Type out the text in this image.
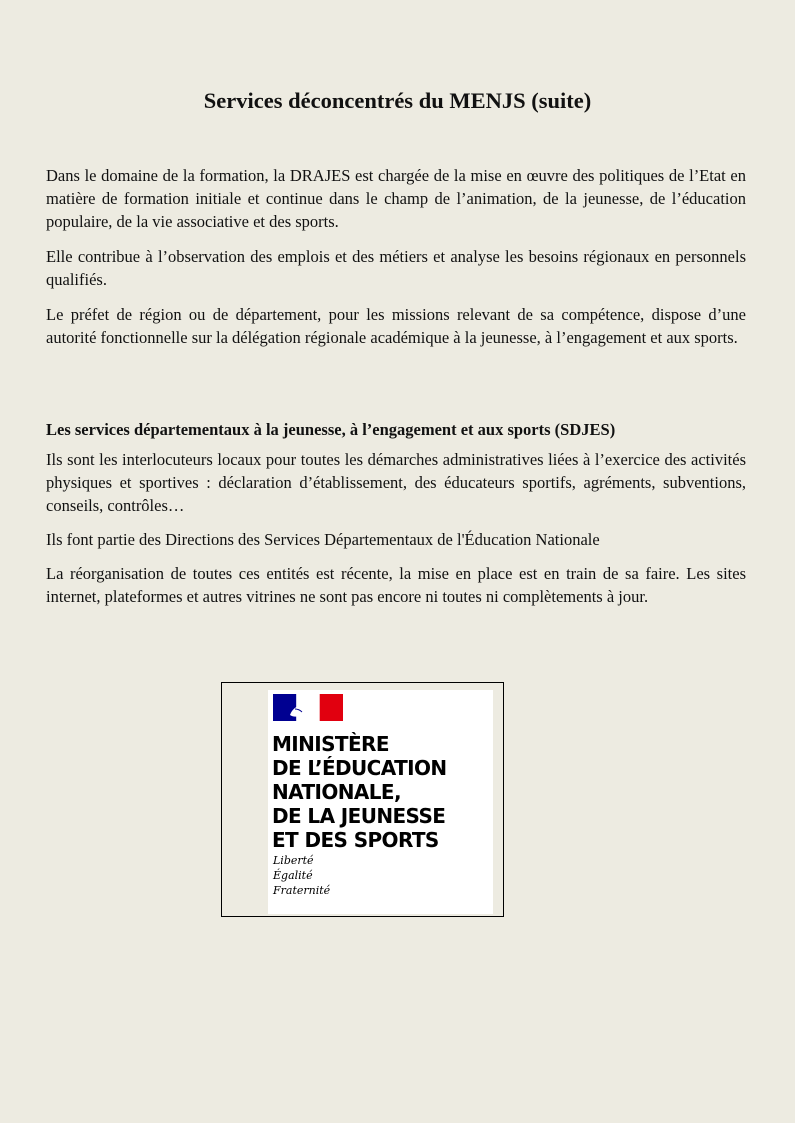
Services déconcentrés du MENJS (suite)

Dans le domaine de la formation, la DRAJES est chargée de la mise en œuvre des politiques de l’Etat en matière de formation initiale et continue dans le champ de l’animation, de la jeunesse, de l’éducation populaire, de la vie associative et des sports.

Elle contribue à l’observation des emplois et des métiers et analyse les besoins régionaux en personnels qualifiés.

Le préfet de région ou de département, pour les missions relevant de sa compétence, dispose d’une autorité fonctionnelle sur la délégation régionale académique à la jeunesse, à l’engagement et aux sports.

Les services départementaux à la jeunesse, à l’engagement et aux sports (SDJES)

Ils sont les interlocuteurs locaux pour toutes les démarches administratives liées à l’exercice des activités physiques et sportives : déclaration d’établissement, des éducateurs sportifs, agréments, subventions, conseils, contrôles…

Ils font partie des Directions des Services Départementaux de l'Éducation Nationale

La réorganisation de toutes ces entités est récente, la mise en place est en train de sa faire. Les sites internet, plateformes et autres vitrines ne sont pas encore ni toutes ni complètements à jour.

MINISTÈRE
DE L’ÉDUCATION
NATIONALE,
DE LA JEUNESSE
ET DES SPORTS
Liberté
Égalité
Fraternité
